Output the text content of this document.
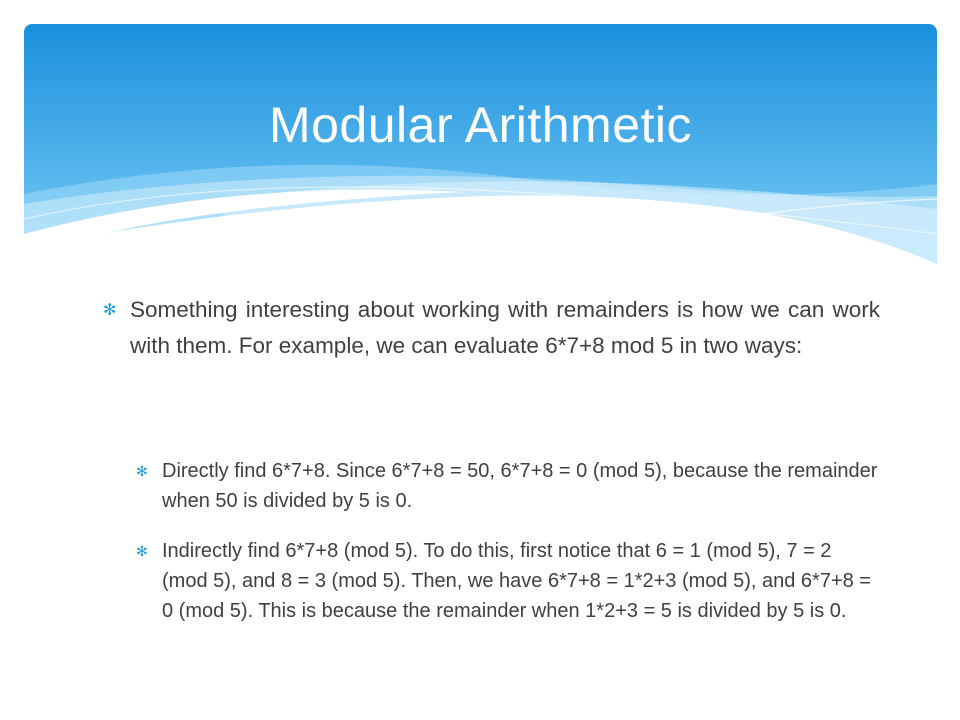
Modular Arithmetic
✻ Something interesting about working with remainders is how we can work with them. For example, we can evaluate 6*7+8 mod 5 in two ways:
✻ Directly find 6*7+8. Since 6*7+8 = 50, 6*7+8 = 0 (mod 5), because the remainder when 50 is divided by 5 is 0.
✻ Indirectly find 6*7+8 (mod 5). To do this, first notice that 6 = 1 (mod 5), 7 = 2 (mod 5), and 8 = 3 (mod 5). Then, we have 6*7+8 = 1*2+3 (mod 5), and 6*7+8 = 0 (mod 5). This is because the remainder when 1*2+3 = 5 is divided by 5 is 0.
